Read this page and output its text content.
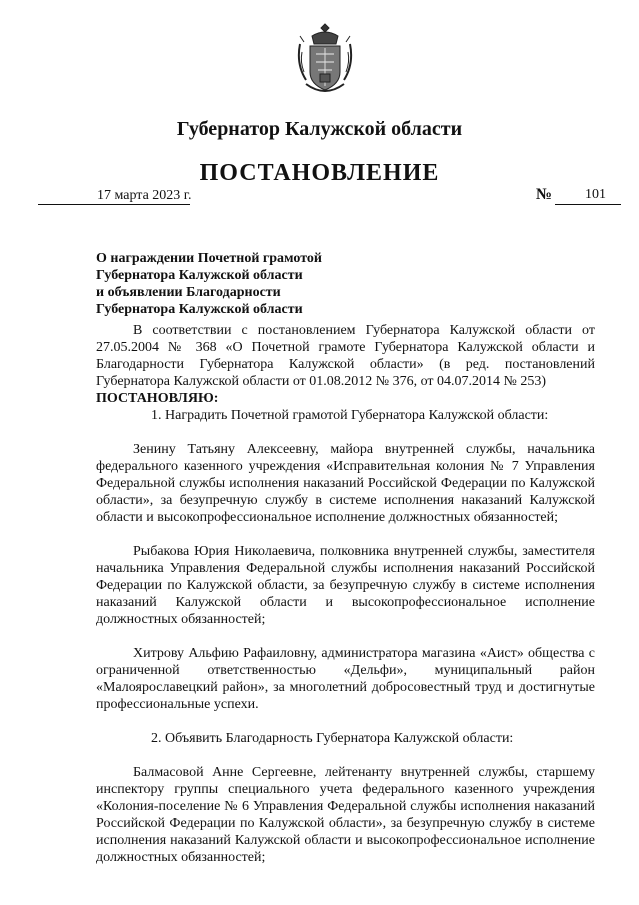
Губернатор Калужской области
ПОСТАНОВЛЕНИЕ
17 марта 2023 г.	№ 101
О награждении Почетной грамотой
Губернатора Калужской области
и объявлении Благодарности
Губернатора Калужской области

В соответствии с постановлением Губернатора Калужской области от 27.05.2004 № 368 «О Почетной грамоте Губернатора Калужской области и Благодарности Губернатора Калужской области» (в ред. постановлений Губернатора Калужской области от 01.08.2012 № 376, от 04.07.2014 № 253)

ПОСТАНОВЛЯЮ:

1. Наградить Почетной грамотой Губернатора Калужской области:

Зенину Татьяну Алексеевну, майора внутренней службы, начальника федерального казенного учреждения «Исправительная колония № 7 Управления Федеральной службы исполнения наказаний Российской Федерации по Калужской области», за безупречную службу в системе исполнения наказаний Калужской области и высокопрофессиональное исполнение должностных обязанностей;

Рыбакова Юрия Николаевича, полковника внутренней службы, заместителя начальника Управления Федеральной службы исполнения наказаний Российской Федерации по Калужской области, за безупречную службу в системе исполнения наказаний Калужской области и высокопрофессиональное исполнение должностных обязанностей;

Хитрову Альфию Рафаиловну, администратора магазина «Аист» общества с ограниченной ответственностью «Дельфи», муниципальный район «Малоярославецкий район», за многолетний добросовестный труд и достигнутые профессиональные успехи.

2. Объявить Благодарность Губернатора Калужской области:

Балмасовой Анне Сергеевне, лейтенанту внутренней службы, старшему инспектору группы специального учета федерального казенного учреждения «Колония-поселение № 6 Управления Федеральной службы исполнения наказаний Российской Федерации по Калужской области», за безупречную службу в системе исполнения наказаний Калужской области и высокопрофессиональное исполнение должностных обязанностей;
